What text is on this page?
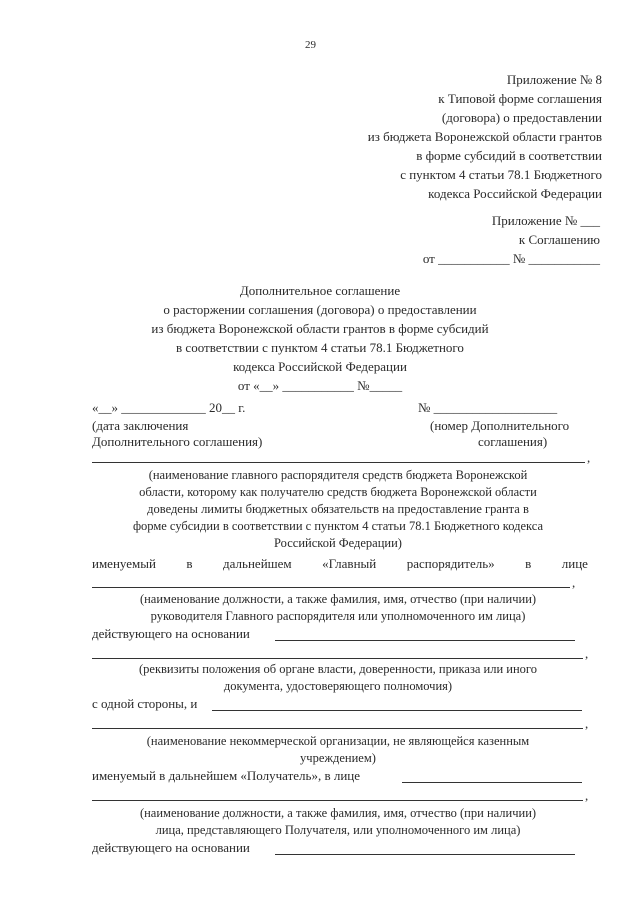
29
Приложение № 8
к Типовой форме соглашения
(договора) о предоставлении
из бюджета Воронежской области грантов
в форме субсидий в соответствии
с пунктом 4 статьи 78.1 Бюджетного
кодекса Российской Федерации
Приложение № ___
к Соглашению
от ___________ № ___________
Дополнительное соглашение
о расторжении соглашения (договора) о предоставлении
из бюджета Воронежской области грантов в форме субсидий
в соответствии с пунктом 4 статьи 78.1 Бюджетного
кодекса Российской Федерации
от «__» ___________ №_____
«__» _____________ 20__ г.	№ ___________________
(дата заключения
Дополнительного соглашения)
(номер Дополнительного
соглашения)
,
(наименование главного распорядителя средств бюджета Воронежской
области, которому как получателю средств бюджета Воронежской области
доведены лимиты бюджетных обязательств на предоставление гранта в
форме субсидии в соответствии с пунктом 4 статьи 78.1 Бюджетного кодекса
Российской Федерации)
именуемый в дальнейшем «Главный распорядитель» в лице
,
(наименование должности, а также фамилия, имя, отчество (при наличии)
руководителя Главного распорядителя или уполномоченного им лица)
действующего на основании
,
(реквизиты положения об органе власти, доверенности, приказа или иного
документа, удостоверяющего полномочия)
с одной стороны, и
,
(наименование некоммерческой организации, не являющейся казенным
учреждением)
именуемый в дальнейшем «Получатель», в лице
,
(наименование должности, а также фамилия, имя, отчество (при наличии)
лица, представляющего Получателя, или уполномоченного им лица)
действующего на основании
